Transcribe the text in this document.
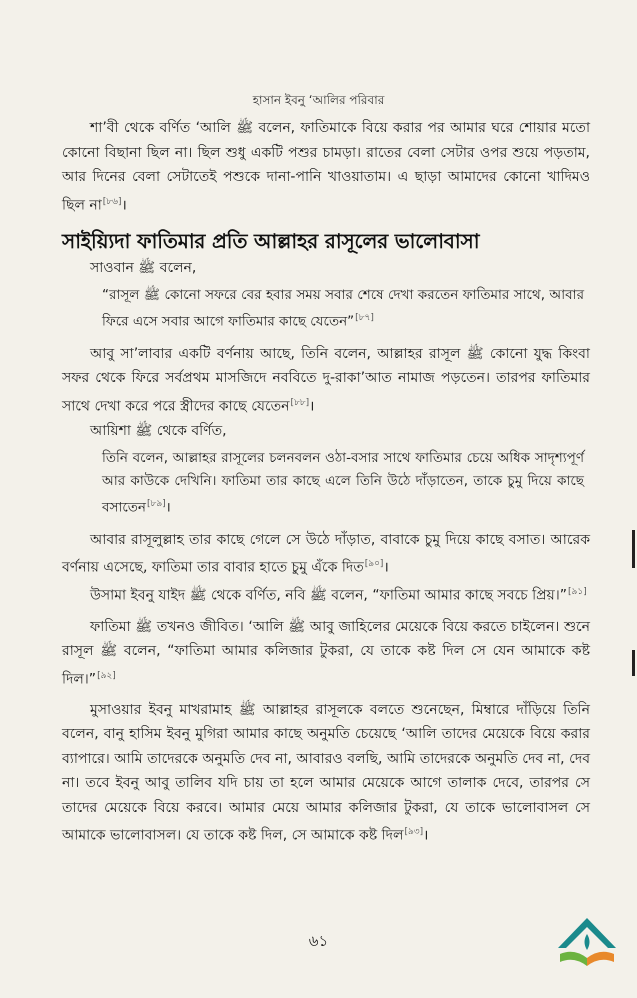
হাসান ইবনু ‘আলির পরিবার

শা’বী থেকে বর্ণিত ‘আলি ﷺ বলেন, ফাতিমাকে বিয়ে করার পর আমার ঘরে শোয়ার মতো কোনো বিছানা ছিল না। ছিল শুধু একটি পশুর চামড়া। রাতের বেলা সেটার ওপর শুয়ে পড়তাম, আর দিনের বেলা সেটাতেই পশুকে দানা-পানি খাওয়াতাম। এ ছাড়া আমাদের কোনো খাদিমও ছিল না[৮৬]।

সাইয়্যিদা ফাতিমার প্রতি আল্লাহর রাসূলের ভালোবাসা

সাওবান ﷺ বলেন,

“রাসূল ﷺ কোনো সফরে বের হবার সময় সবার শেষে দেখা করতেন ফাতিমার সাথে, আবার ফিরে এসে সবার আগে ফাতিমার কাছে যেতেন”[৮৭]

আবু সা’লাবার একটি বর্ণনায় আছে, তিনি বলেন, আল্লাহর রাসূল ﷺ কোনো যুদ্ধ কিংবা সফর থেকে ফিরে সর্বপ্রথম মাসজিদে নববিতে দু-রাকা’আত নামাজ পড়তেন। তারপর ফাতিমার সাথে দেখা করে পরে স্ত্রীদের কাছে যেতেন[৮৮]।

আয়িশা ﷺ থেকে বর্ণিত,

তিনি বলেন, আল্লাহর রাসূলের চলনবলন ওঠা-বসার সাথে ফাতিমার চেয়ে অধিক সাদৃশ্যপূর্ণ আর কাউকে দেখিনি। ফাতিমা তার কাছে এলে তিনি উঠে দাঁড়াতেন, তাকে চুমু দিয়ে কাছে বসাতেন[৮৯]।

আবার রাসূলুল্লাহ তার কাছে গেলে সে উঠে দাঁড়াত, বাবাকে চুমু দিয়ে কাছে বসাত। আরেক বর্ণনায় এসেছে, ফাতিমা তার বাবার হাতে চুমু এঁকে দিত[৯০]।

উসামা ইবনু যাইদ ﷺ থেকে বর্ণিত, নবি ﷺ বলেন, “ফাতিমা আমার কাছে সবচে প্রিয়।”[৯১]

ফাতিমা ﷺ তখনও জীবিত। ‘আলি ﷺ আবু জাহিলের মেয়েকে বিয়ে করতে চাইলেন। শুনে রাসূল ﷺ বলেন, “ফাতিমা আমার কলিজার টুকরা, যে তাকে কষ্ট দিল সে যেন আমাকে কষ্ট দিল।”[৯২]

মুসাওয়ার ইবনু মাখরামাহ ﷺ আল্লাহর রাসূলকে বলতে শুনেছেন, মিম্বারে দাঁড়িয়ে তিনি বলেন, বানু হাসিম ইবনু মুগিরা আমার কাছে অনুমতি চেয়েছে ‘আলি তাদের মেয়েকে বিয়ে করার ব্যাপারে। আমি তাদেরকে অনুমতি দেব না, আবারও বলছি, আমি তাদেরকে অনুমতি দেব না, দেব না। তবে ইবনু আবু তালিব যদি চায় তা হলে আমার মেয়েকে আগে তালাক দেবে, তারপর সে তাদের মেয়েকে বিয়ে করবে। আমার মেয়ে আমার কলিজার টুকরা, যে তাকে ভালোবাসল সে আমাকে ভালোবাসল। যে তাকে কষ্ট দিল, সে আমাকে কষ্ট দিল[৯৩]।

৬১
